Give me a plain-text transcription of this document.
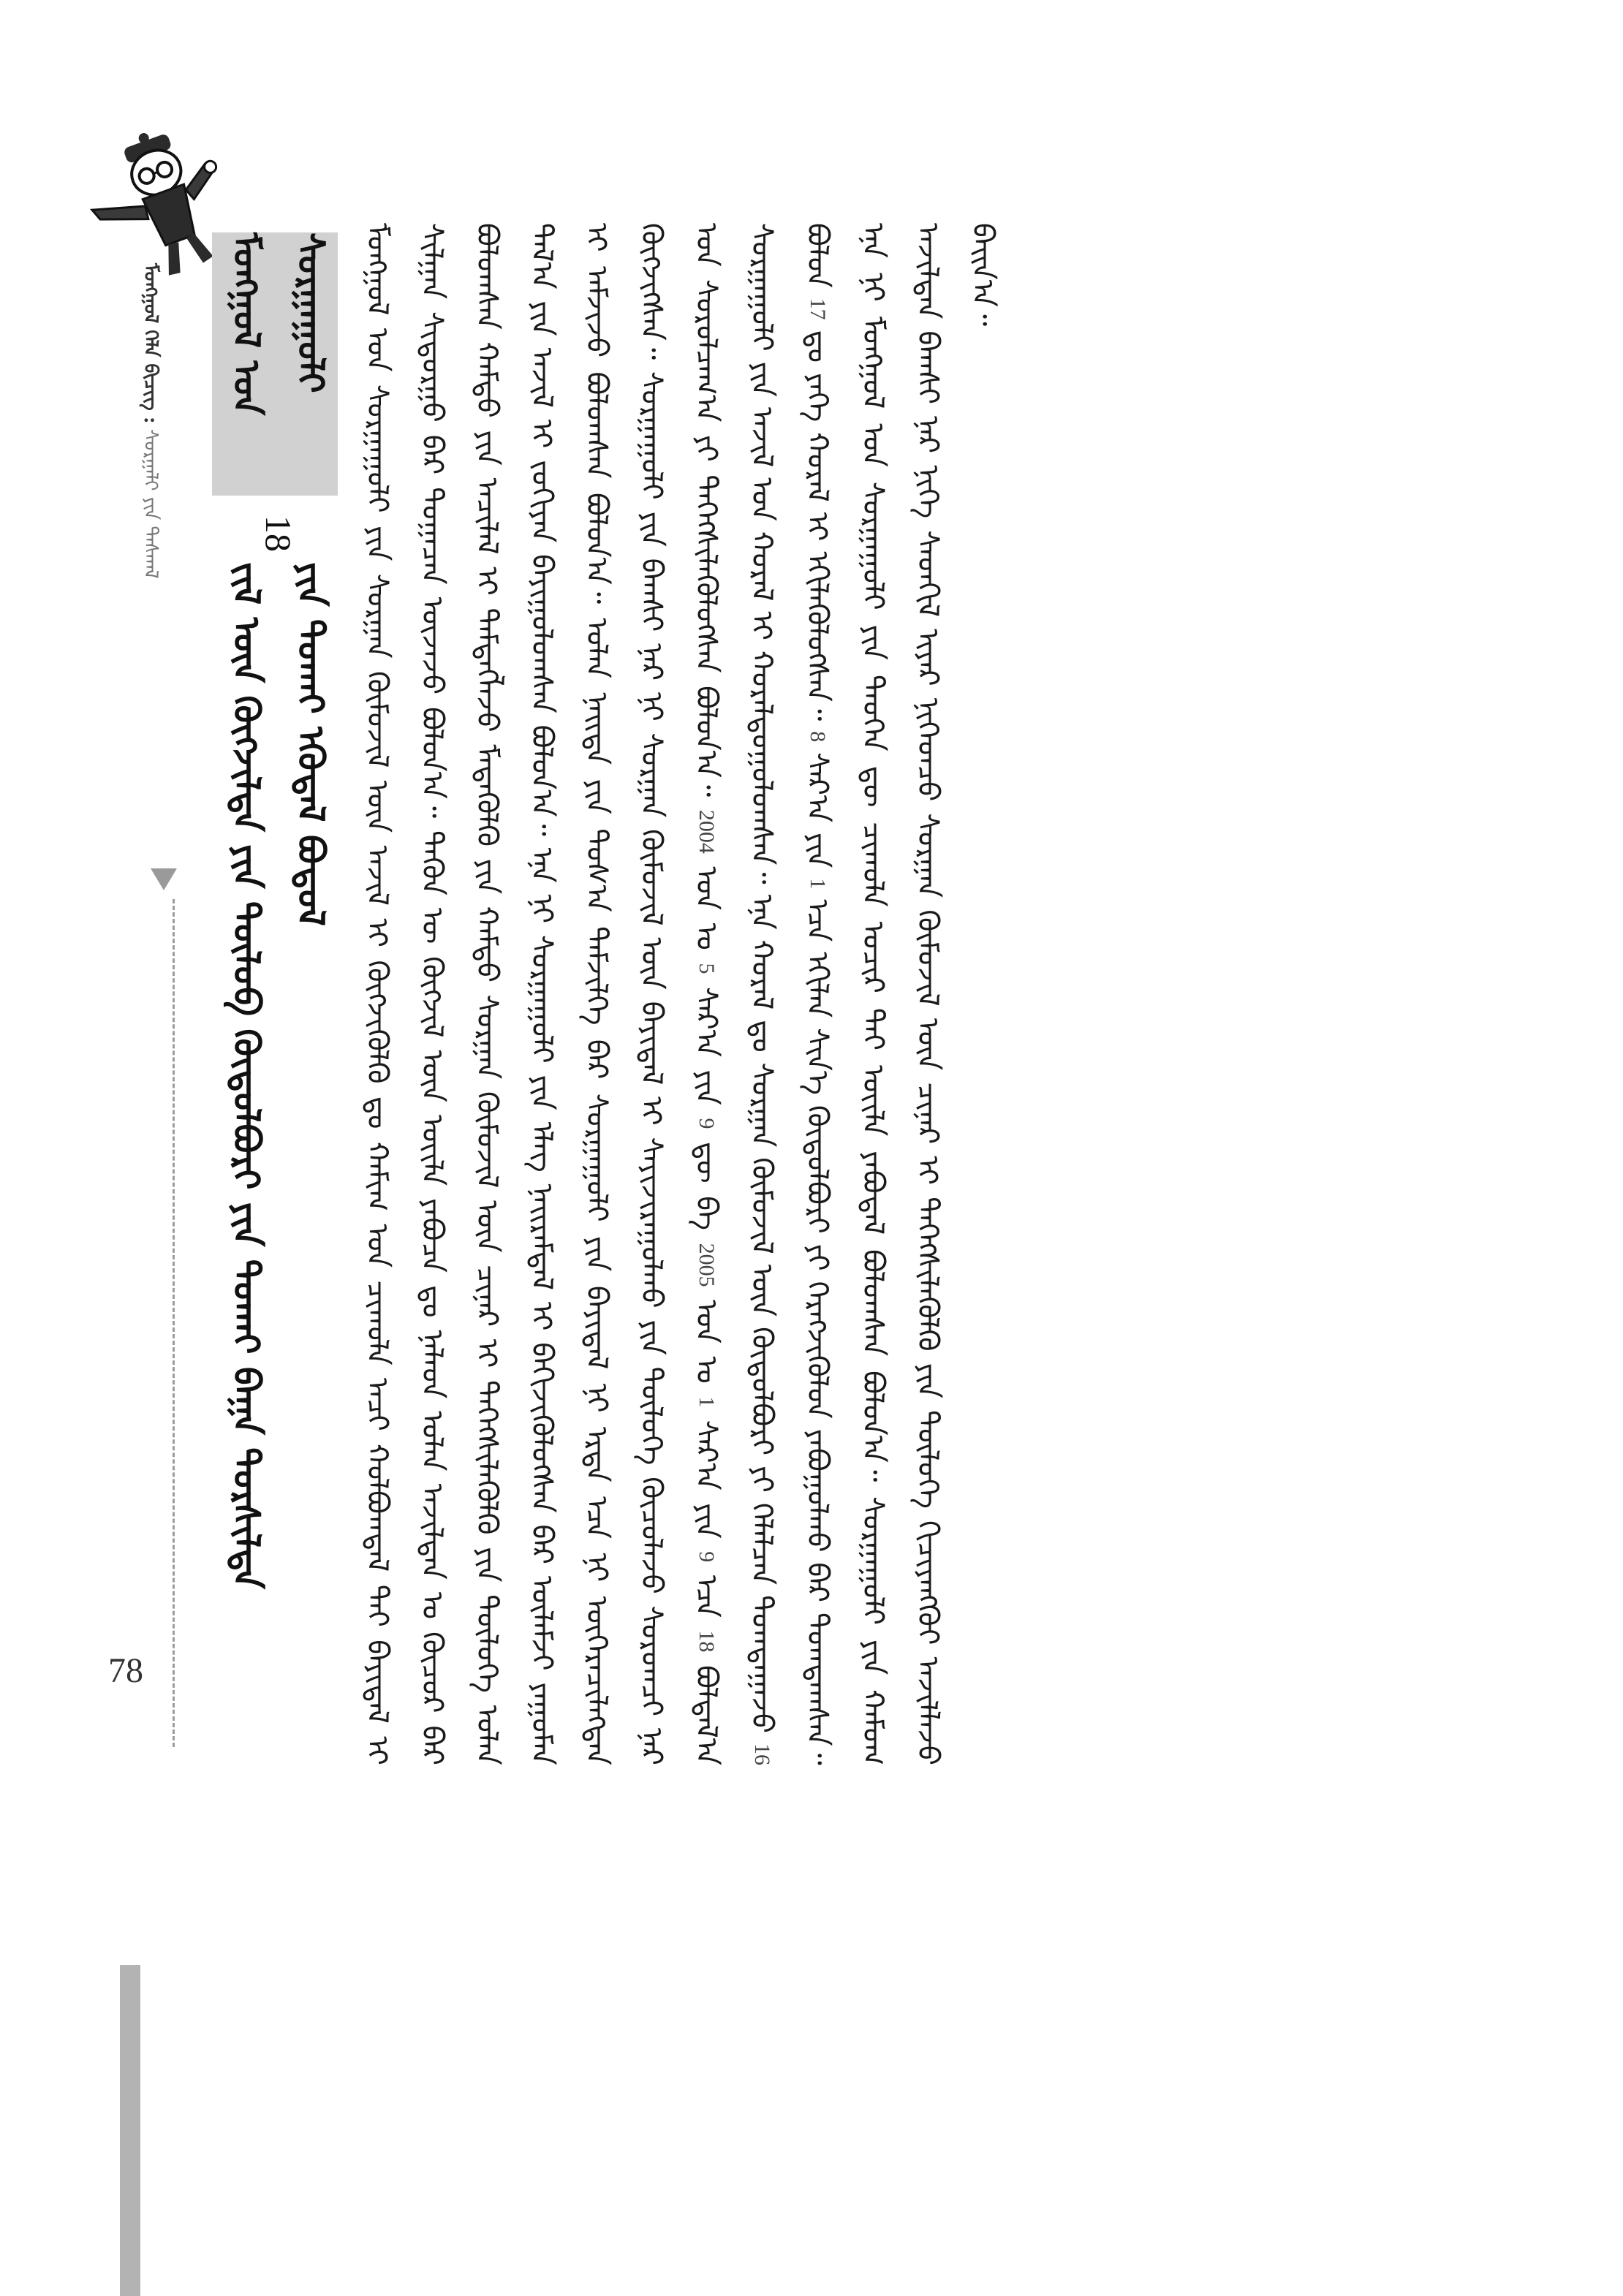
78
ᠮᠣᠩᠭᠣᠯ ᠬᠡᠯᠡ ᠪᠢᠴᠢᠭ
:
ᠰᠤᠷᠭᠠᠯᠢ ᠶᠢᠨ ᠳᠠᠰᠬᠠᠯ
ᠮᠣᠩᠭᠣᠯ ᠤᠨ ᠰᠤᠷᠭᠠᠭᠤᠯᠢ
18
ᠵᠢᠯ ᠦᠨ ᠬᠥᠭᠵᠢᠯᠲᠡ ᠶᠢᠨ ᠲᠥᠯᠥᠪ ᠬᠥᠲᠥᠯᠪᠦᠷᠢ ᠶᠢᠨ ᠲᠤᠬᠠᠢ ᠪᠠᠭᠠ ᠲᠤᠷᠰᠢᠯᠲᠠ ᠶᠢᠨ ᠲᠤᠬᠠᠢ ᠡᠭᠦᠳᠡᠯ ᠪᠣᠳᠤᠯ ᠮᠣᠩᠭᠣᠯ ᠤᠨ ᠰᠤᠷᠭᠠᠭᠤᠯᠢ ᠶᠢᠨ ᠰᠤᠷᠭᠠᠨ ᠬᠦᠮᠦᠵᠢᠯ ᠦᠨ ᠠᠵᠢᠯ ᠢ ᠬᠥᠭᠵᠢᠭᠦᠯᠬᠦ ᠳᠤ ᠬᠠᠮᠢᠭ ᠤᠨ ᠴᠢᠬᠤᠯᠠ ᠠᠴᠢ ᠬᠣᠯᠪᠣᠭᠳᠠᠯ ᠲᠠᠢ ᠪᠠᠶᠢᠳᠠᠯ ᠢ ᠰᠢᠯᠭᠠᠨ ᠰᠢᠳᠤᠷᠭᠤ ᠪᠡᠷ ᠲᠣᠭᠠᠴᠠᠨ ᠦᠵᠡᠵᠦ ᠪᠣᠯᠤᠨ᠎ᠠ᠃ ᠲᠡᠭᠦᠨ ᠦ ᠬᠥᠭᠵᠢᠯ ᠦᠨ ᠦᠢᠯᠡ ᠶᠠᠪᠤᠴᠠ ᠳᠤ ᠨᠡᠯᠡᠳ ᠣᠯᠠᠨ ᠠᠵᠢᠯᠲᠠᠨ ᠤ ᠬᠦᠴᠦᠷ ᠪᠡᠷ ᠪᠣᠯᠤᠭᠰᠠᠨ ᠬᠠᠮᠲᠤ ᠶᠢᠨ ᠠᠴᠢᠯᠠᠯ ᠢ ᠲᠡᠮᠳᠡᠭᠯᠡᠵᠦ ᠮᠡᠳᠡᠭᠦᠯᠬᠦ ᠶᠢᠨ ᠬᠠᠮᠲᠤ ᠰᠤᠷᠭᠠᠨ ᠬᠦᠮᠦᠵᠢᠯ ᠦᠨ ᠴᠢᠨᠠᠷ ᠢ ᠳᠡᠭᠡᠭᠰᠢᠯᠡᠭᠦᠯᠬᠦ ᠶᠢᠨ ᠲᠥᠯᠥᠭᠡ ᠣᠯᠠᠨ ᠲᠠᠯ᠎ᠠ ᠶᠢᠨ ᠠᠵᠢᠯ ᠢ ᠵᠣᠬᠢᠶᠠᠨ ᠪᠠᠶᠢᠭᠤᠯᠤᠭᠰᠠᠨ ᠪᠣᠯᠤᠨ᠎ᠠ᠃ ᠡᠨᠡ ᠨᠢ ᠰᠤᠷᠭᠠᠭᠤᠯᠢ ᠶᠢᠨ ᠡᠯᠡᠭ ᠨᠠᠢᠷᠠᠮᠳᠠᠯ ᠢ ᠪᠡᠬᠢᠵᠢᠭᠦᠯᠦᠭᠰᠡᠨ ᠪᠡᠷ ᠦᠯᠡᠮᠵᠢ ᠶᠠᠭᠤᠮᠠᠨ ᠢ ᠠᠮᠵᠢᠵᠤ ᠪᠣᠯᠤᠭᠰᠠᠨ ᠪᠣᠯᠤᠨ᠎ᠠ᠃ ᠣᠯᠠᠨ ᠨᠡᠢᠲᠡ ᠶᠢᠨ ᠲᠤᠰ᠎ᠠ ᠳᠡᠮᠵᠢᠯᠭᠡ ᠪᠡᠷ ᠰᠤᠷᠭᠠᠭᠤᠯᠢ ᠶᠢᠨ ᠪᠠᠶᠢᠳᠠᠯ ᠨᠢ ᠡᠷᠲᠡ ᠡᠴᠡ ᠨᠢ ᠥᠭᠡᠷᠡᠴᠢᠯᠡᠭᠳᠡᠨ ᠬᠥᠭᠵᠢᠭᠰᠡᠨ᠃ ᠰᠤᠷᠭᠠᠭᠤᠯᠢ ᠶᠢᠨ ᠪᠠᠭᠰᠢ ᠨᠠᠷ ᠨᠢ ᠰᠤᠷᠭᠠᠨ ᠬᠦᠮᠦᠵᠢᠯ ᠦᠨ ᠪᠠᠶᠢᠳᠠᠯ ᠢ ᠰᠠᠶᠢᠵᠢᠷᠠᠭᠤᠯᠬᠤ ᠶᠢᠨ ᠲᠥᠯᠥᠭᠡ ᠬᠦᠴᠦᠯᠡᠵᠦ ᠰᠤᠷᠤᠭᠴᠢ ᠨᠠᠷ ᠤᠨ ᠰᠤᠷᠤᠯᠴᠠᠭ᠎ᠠ ᠶᠢ ᠳᠡᠭᠡᠭᠰᠢᠯᠡᠭᠦᠯᠦᠭᠰᠡᠨ ᠪᠣᠯᠤᠨ᠎ᠠ᠃ 2004 ᠣᠨ ᠤ 5 ᠰᠠᠷ᠎ᠠ ᠶᠢᠨ 9 ᠳᠦ ᠪᠠ 2005 ᠣᠨ ᠤ 1 ᠰᠠᠷ᠎ᠠ ᠶᠢᠨ 9 ᠡᠴᠡ 18 ᠪᠣᠯᠲᠠᠯ᠎ᠠ ᠰᠤᠷᠭᠠᠭᠤᠯᠢ ᠶᠢᠨ ᠠᠵᠢᠯ ᠤᠨ ᠬᠤᠷᠠᠯ ᠢ ᠬᠤᠷᠠᠯᠳᠤᠭᠤᠯᠤᠭᠰᠠᠨ᠃ ᠡᠨᠡ ᠬᠤᠷᠠᠯ ᠳᠤ ᠰᠤᠷᠭᠠᠨ ᠬᠦᠮᠦᠵᠢᠯ ᠦᠨ ᠬᠥᠲᠥᠯᠪᠦᠷᠢ ᠶᠢ ᠬᠡᠯᠡᠯᠴᠡᠨ ᠲᠣᠭᠲᠠᠭᠠᠵᠤ 16 ᠪᠣᠯᠤᠨ 17 ᠳᠤ ᠶᠡᠬᠡ ᠬᠤᠷᠠᠯ ᠢ ᠡᠬᠢᠯᠡᠭᠦᠯᠦᠭᠰᠡᠨ᠃ 8 ᠰᠠᠷ᠎ᠠ ᠶᠢᠨ 1 ᠡᠴᠡ ᠡᠬᠢᠯᠡᠨ ᠰᠢᠨ᠎ᠡ ᠬᠥᠲᠥᠯᠪᠦᠷᠢ ᠶᠢ ᠬᠡᠷᠡᠭᠵᠢᠭᠦᠯᠦᠨ ᠶᠠᠪᠤᠭᠤᠯᠬᠤ ᠪᠡᠷ ᠲᠣᠭᠲᠠᠭᠰᠠᠨ᠃ ᠡᠨᠡ ᠨᠢ ᠮᠣᠩᠭᠣᠯ ᠤᠨ ᠰᠤᠷᠭᠠᠭᠤᠯᠢ ᠶᠢᠨ ᠲᠡᠦᠬᠡᠨ ᠳᠦ ᠴᠢᠬᠤᠯᠠ ᠤᠴᠢᠷ ᠲᠠᠢ ᠦᠢᠯᠡ ᠶᠠᠪᠤᠳᠠᠯ ᠪᠣᠯᠤᠭᠰᠠᠨ ᠪᠣᠯᠤᠨ᠎ᠠ᠃ ᠰᠤᠷᠭᠠᠭᠤᠯᠢ ᠶᠢᠨ ᠬᠠᠮᠤᠭ ᠠᠵᠢᠯᠲᠠᠨ ᠪᠠᠭᠰᠢ ᠨᠠᠷ ᠨᠢᠭᠡ ᠰᠡᠳᠬᠢᠯ ᠢᠶᠡᠷ ᠨᠢᠭᠡᠳᠴᠦ ᠰᠤᠷᠭᠠᠨ ᠬᠦᠮᠦᠵᠢᠯ ᠦᠨ ᠴᠢᠨᠠᠷ ᠢ ᠳᠡᠭᠡᠭᠰᠢᠯᠡᠭᠦᠯᠬᠦ ᠶᠢᠨ ᠲᠥᠯᠥᠭᠡ ᠬᠢᠴᠢᠶᠡᠩᠭᠦᠢ ᠠᠵᠢᠯᠯᠠᠵᠤ ᠪᠠᠢᠨ᠎ᠠ᠃
